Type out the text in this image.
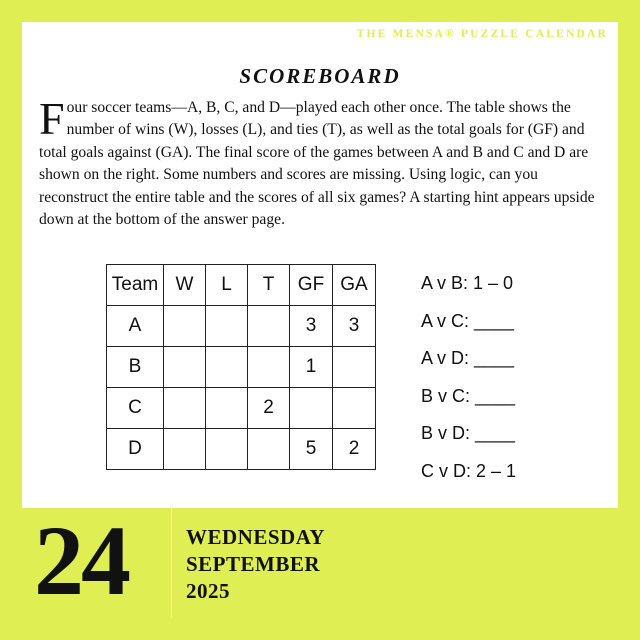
THE MENSA® PUZZLE CALENDAR
SCOREBOARD
Four soccer teams—A, B, C, and D—played each other once. The table shows the number of wins (W), losses (L), and ties (T), as well as the total goals for (GF) and total goals against (GA). The final score of the games between A and B and C and D are shown on the right. Some numbers and scores are missing. Using logic, can you reconstruct the entire table and the scores of all six games? A starting hint appears upside down at the bottom of the answer page.
Team	W	L	T	GF	GA
A				3	3
B				1	
C			2		
D				5	2
A v B: 1 – 0
A v C: ____
A v D: ____
B v C: ____
B v D: ____
C v D: 2 – 1
24	WEDNESDAY
SEPTEMBER
2025
